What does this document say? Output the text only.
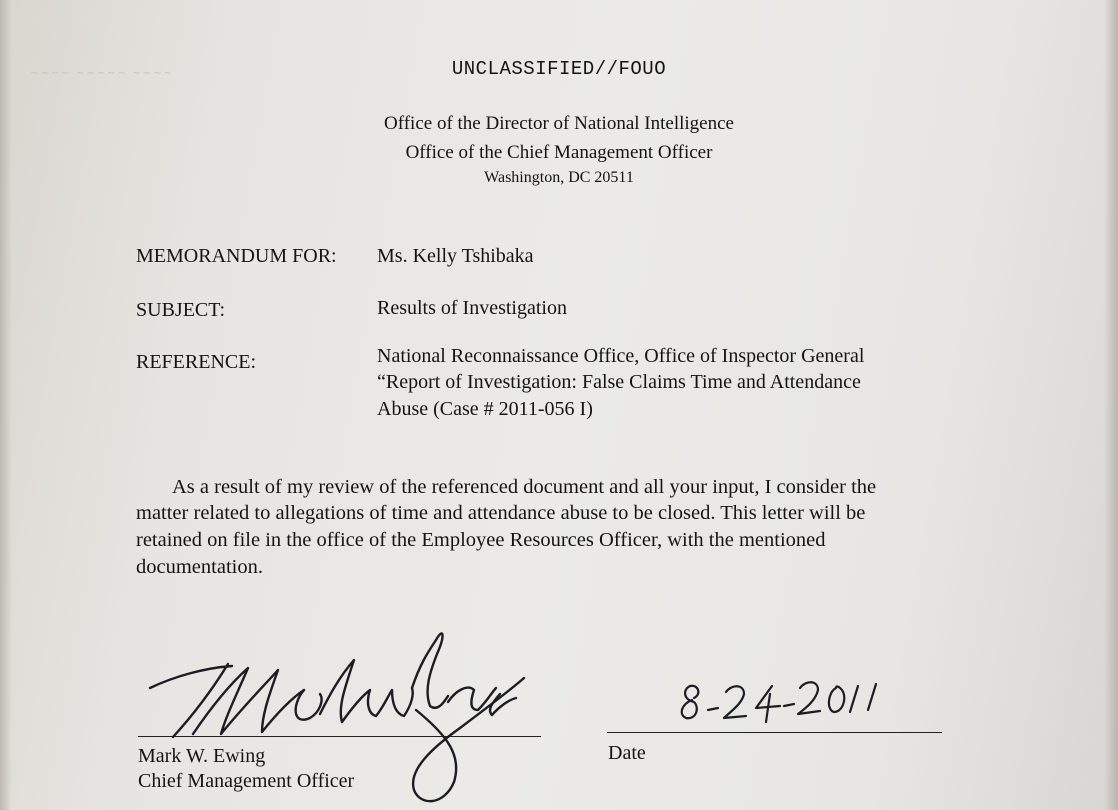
∼∼∼∼ ∼∼∼∼∼ ∼∼∼∼	UNCLASSIFIED//FOUO
Office of the Director of National Intelligence
Office of the Chief Management Officer
Washington, DC 20511
MEMORANDUM FOR: Ms. Kelly Tshibaka
SUBJECT:	Results of Investigation
REFERENCE:	National Reconnaissance Office, Office of Inspector General
“Report of Investigation: False Claims Time and Attendance
Abuse (Case # 2011-056 I)
As a result of my review of the referenced document and all your input, I consider the
matter related to allegations of time and attendance abuse to be closed. This letter will be
retained on file in the office of the Employee Resources Officer, with the mentioned
documentation.
Mark W. Ewing
Chief Management Officer
Date
